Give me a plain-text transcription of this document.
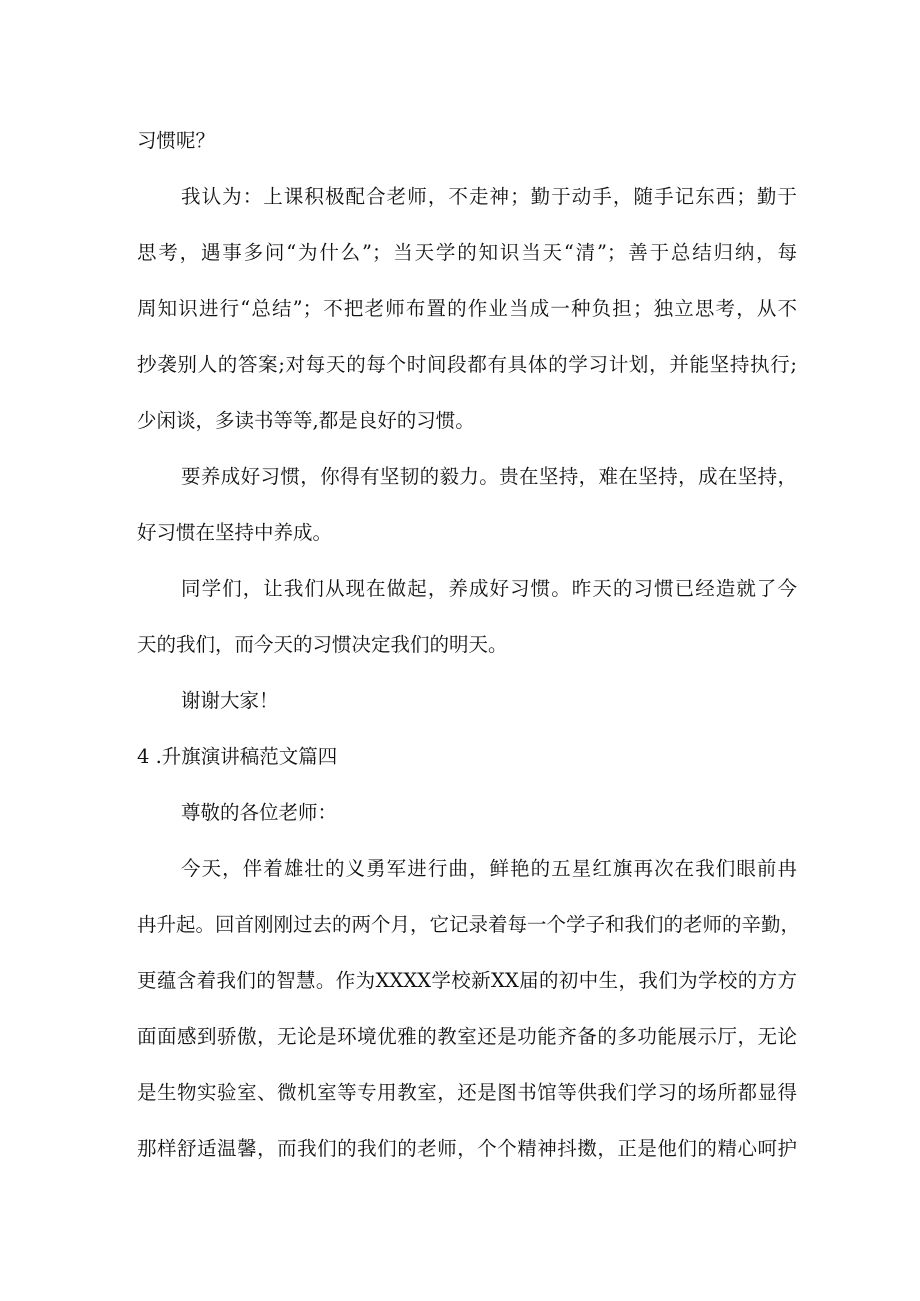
习惯呢？
我认为：上课积极配合老师，不走神；勤于动手，随手记东西；勤于
思考，遇事多问“为什么”；当天学的知识当天“清”；善于总结归纳，每
周知识进行“总结”；不把老师布置的作业当成一种负担；独立思考，从不
抄袭别人的答案;对每天的每个时间段都有具体的学习计划，并能坚持执行;
少闲谈，多读书等等,都是良好的习惯。
要养成好习惯，你得有坚韧的毅力。贵在坚持，难在坚持，成在坚持，
好习惯在坚持中养成。
同学们，让我们从现在做起，养成好习惯。昨天的习惯已经造就了今
天的我们，而今天的习惯决定我们的明天。
谢谢大家！
4 .升旗演讲稿范文篇四
尊敬的各位老师：
今天，伴着雄壮的义勇军进行曲，鲜艳的五星红旗再次在我们眼前冉
冉升起。回首刚刚过去的两个月，它记录着每一个学子和我们的老师的辛勤，
更蕴含着我们的智慧。作为XXXX学校新XX届的初中生，我们为学校的方方
面面感到骄傲，无论是环境优雅的教室还是功能齐备的多功能展示厅，无论
是生物实验室、微机室等专用教室，还是图书馆等供我们学习的场所都显得
那样舒适温馨，而我们的我们的老师，个个精神抖擞，正是他们的精心呵护
